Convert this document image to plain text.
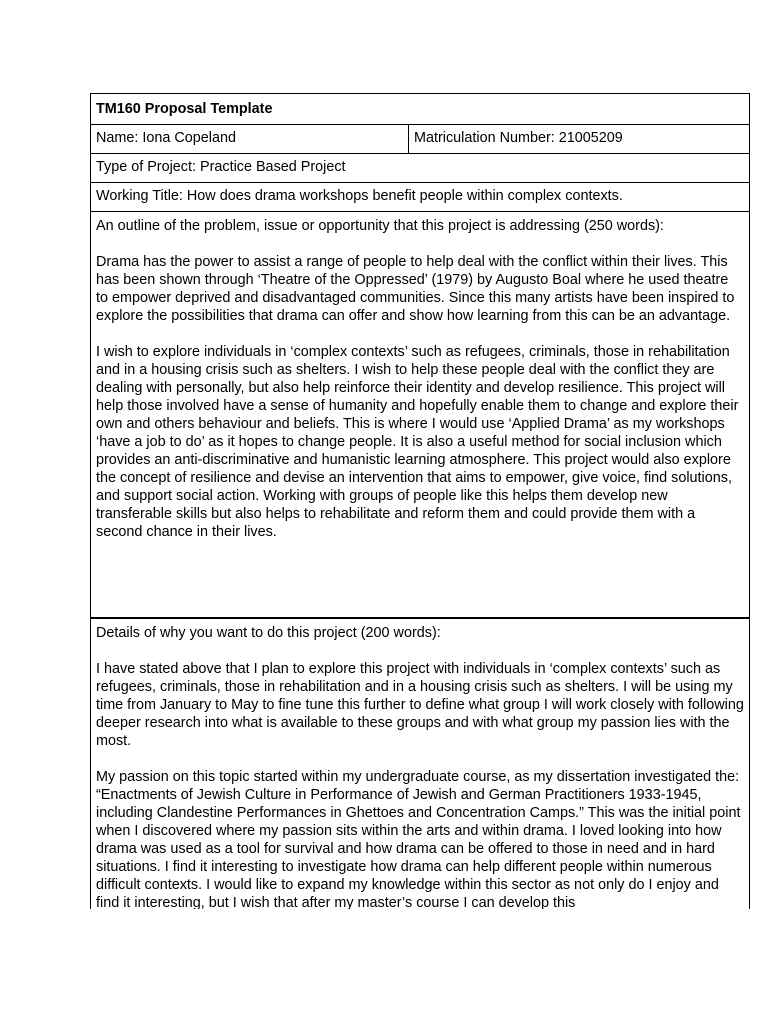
TM160 Proposal Template
Name: Iona Copeland	Matriculation Number: 21005209
Type of Project: Practice Based Project
Working Title: How does drama workshops benefit people within complex contexts.

An outline of the problem, issue or opportunity that this project is addressing (250 words):

Drama has the power to assist a range of people to help deal with the conflict within their lives. This has been shown through ‘Theatre of the Oppressed’ (1979) by Augusto Boal where he used theatre to empower deprived and disadvantaged communities. Since this many artists have been inspired to explore the possibilities that drama can offer and show how learning from this can be an advantage.

I wish to explore individuals in ‘complex contexts’ such as refugees, criminals, those in rehabilitation and in a housing crisis such as shelters. I wish to help these people deal with the conflict they are dealing with personally, but also help reinforce their identity and develop resilience. This project will help those involved have a sense of humanity and hopefully enable them to change and explore their own and others behaviour and beliefs. This is where I would use ‘Applied Drama’ as my workshops ‘have a job to do’ as it hopes to change people. It is also a useful method for social inclusion which provides an anti-discriminative and humanistic learning atmosphere. This project would also explore the concept of resilience and devise an intervention that aims to empower, give voice, find solutions, and support social action. Working with groups of people like this helps them develop new transferable skills but also helps to rehabilitate and reform them and could provide them with a second chance in their lives.

Details of why you want to do this project (200 words):

I have stated above that I plan to explore this project with individuals in ‘complex contexts’ such as refugees, criminals, those in rehabilitation and in a housing crisis such as shelters. I will be using my time from January to May to fine tune this further to define what group I will work closely with following deeper research into what is available to these groups and with what group my passion lies with the most.

My passion on this topic started within my undergraduate course, as my dissertation investigated the: “Enactments of Jewish Culture in Performance of Jewish and German Practitioners 1933-1945, including Clandestine Performances in Ghettoes and Concentration Camps.” This was the initial point when I discovered where my passion sits within the arts and within drama. I loved looking into how drama was used as a tool for survival and how drama can be offered to those in need and in hard situations. I find it interesting to investigate how drama can help different people within numerous difficult contexts. I would like to expand my knowledge within this sector as not only do I enjoy and find it interesting, but I wish that after my master’s course I can develop this
